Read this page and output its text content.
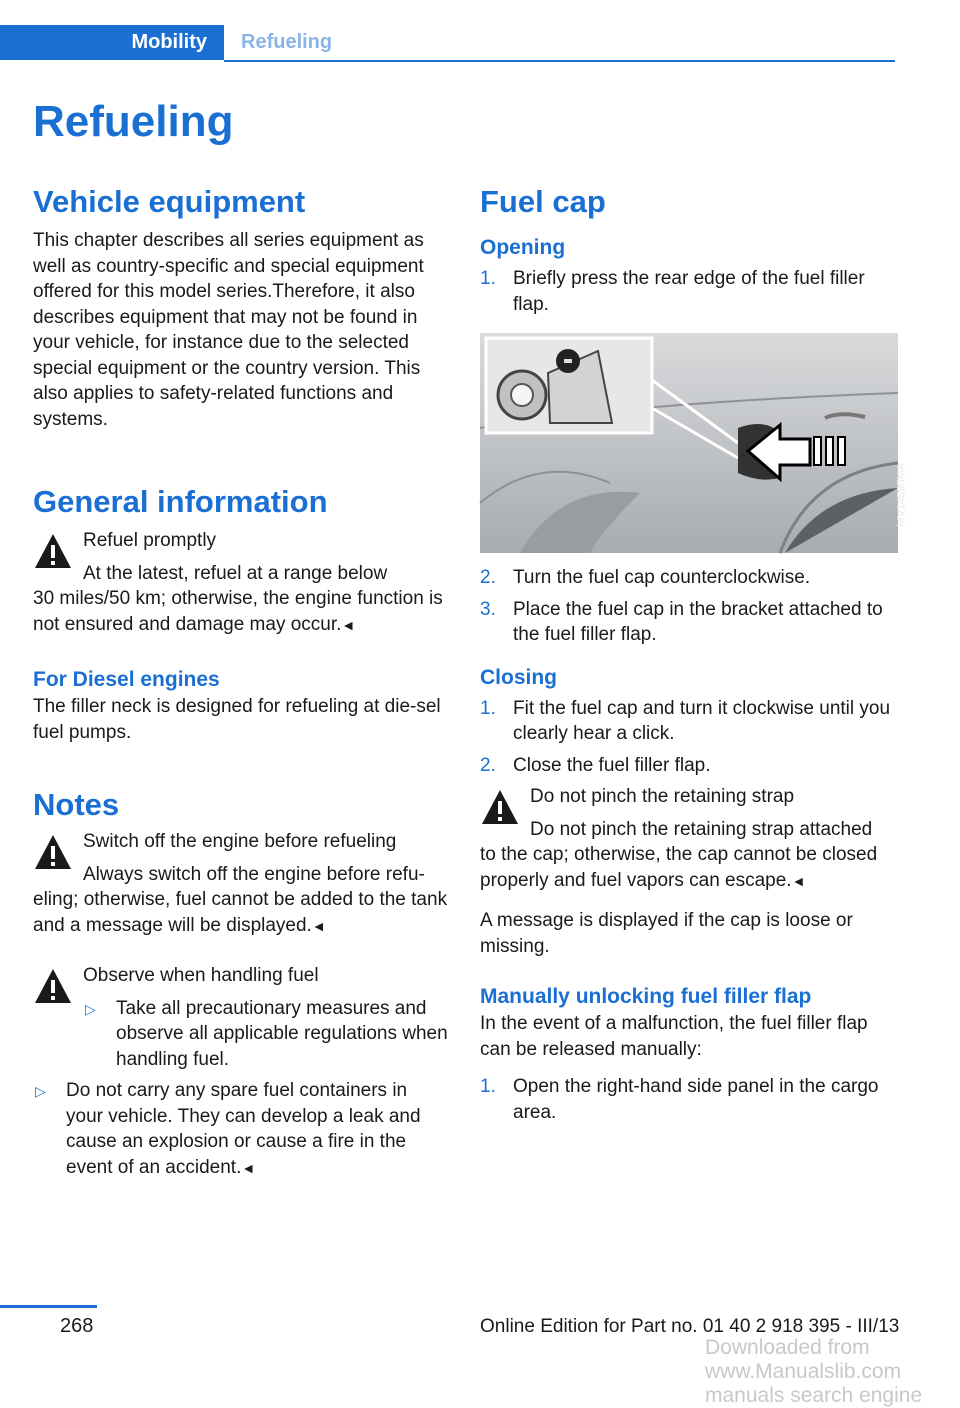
Mobility	Refueling
Refueling
Vehicle equipment

This chapter describes all series equipment as well as country-specific and special equipment offered for this model series.Therefore, it also describes equipment that may not be found in your vehicle, for instance due to the selected special equipment or the country version. This also applies to safety-related functions and systems.

General information
Refuel promptly
At the latest, refuel at a range below

30 miles/50 km; otherwise, the engine function is not ensured and damage may occur.◄

For Diesel engines

The filler neck is designed for refueling at die‐sel fuel pumps.

Notes
Switch off the engine before refueling
Always switch off the engine before refu‐

eling; otherwise, fuel cannot be added to the tank and a message will be displayed.◄

Observe when handling fuel
▷ Take all precautionary measures and observe all applicable regulations when handling fuel.
▷ Do not carry any spare fuel containers in your vehicle. They can develop a leak and cause an explosion or cause a fire in the event of an accident.◄
Fuel cap
Opening
1. Briefly press the rear edge of the fuel filler flap.
MV14595MA
2. Turn the fuel cap counterclockwise.
3. Place the fuel cap in the bracket attached to the fuel filler flap.
Closing
1. Fit the fuel cap and turn it clockwise until you clearly hear a click.
2. Close the fuel filler flap.
Do not pinch the retaining strap
Do not pinch the retaining strap attached

to the cap; otherwise, the cap cannot be closed properly and fuel vapors can escape.◄

A message is displayed if the cap is loose or missing.

Manually unlocking fuel filler flap

In the event of a malfunction, the fuel filler flap can be released manually:

1. Open the right-hand side panel in the cargo area.
268	Online Edition for Part no. 01 40 2 918 395 - III/13
Downloaded from www.Manualslib.com manuals search engine
